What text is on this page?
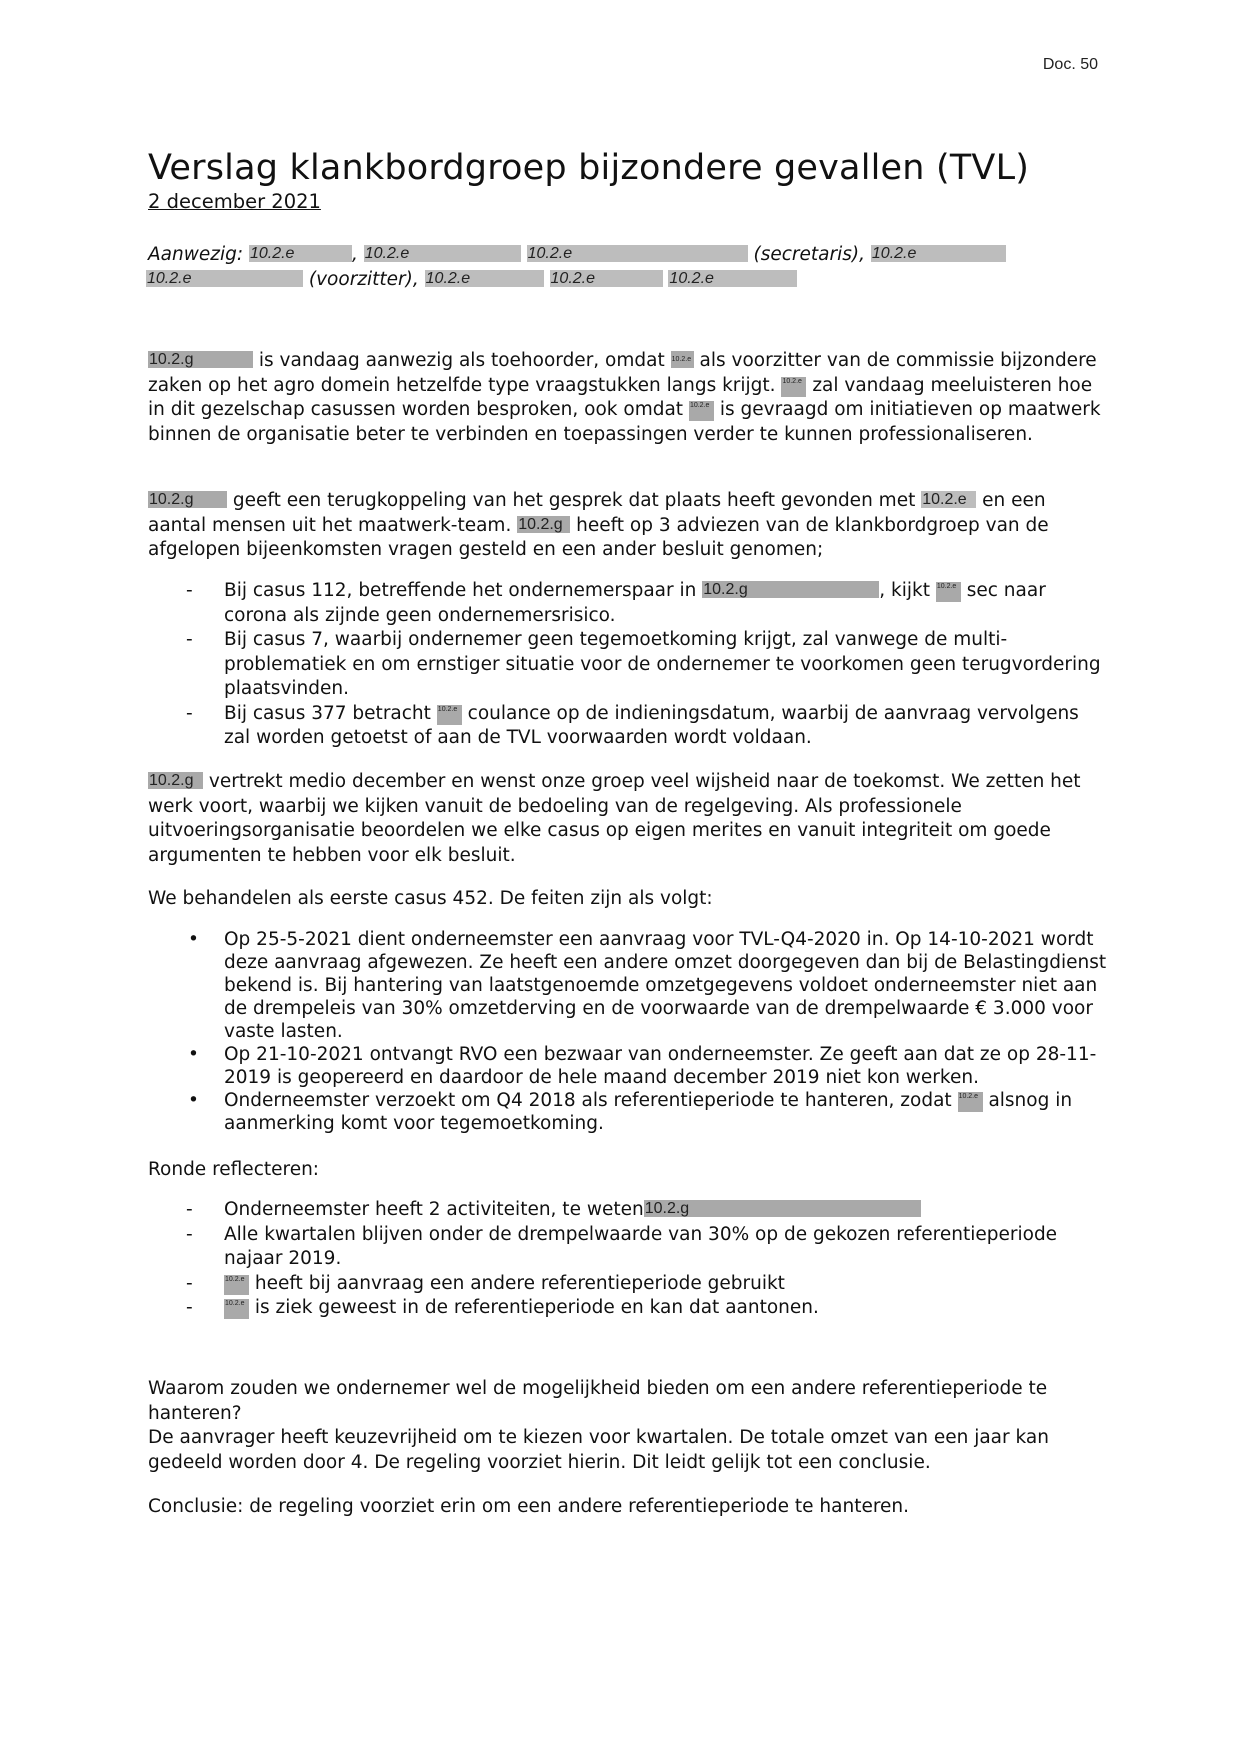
Doc. 50
Verslag klankbordgroep bijzondere gevallen (TVL)
2 december 2021

Aanwezig: 10.2.e	, 10.2.e	10.2.e	(secretaris), 10.2.e

10.2.e	(voorzitter), 10.2.e	10.2.e	10.2.e

10.2.g	is vandaag aanwezig als toehoorder, omdat 10.2.e als voorzitter van de commissie bijzondere zaken op het agro domein hetzelfde type vraagstukken langs krijgt. 10.2.e zal vandaag meeluisteren hoe in dit gezelschap casussen worden besproken, ook omdat 10.2.e is gevraagd om initiatieven op maatwerk binnen de organisatie beter te verbinden en toepassingen verder te kunnen professionaliseren.

10.2.g geeft een terugkoppeling van het gesprek dat plaats heeft gevonden met 10.2.e en een aantal mensen uit het maatwerk-team. 10.2.g heeft op 3 adviezen van de klankbordgroep van de afgelopen bijeenkomsten vragen gesteld en een ander besluit genomen;

- Bij casus 112, betreffende het ondernemerspaar in 10.2.g	, kijkt 10.2.e sec naar corona als zijnde geen ondernemersrisico.
- Bij casus 7, waarbij ondernemer geen tegemoetkoming krijgt, zal vanwege de multi-problematiek en om ernstiger situatie voor de ondernemer te voorkomen geen terugvordering plaatsvinden.
- Bij casus 377 betracht 10.2.e coulance op de indieningsdatum, waarbij de aanvraag vervolgens zal worden getoetst of aan de TVL voorwaarden wordt voldaan.

10.2.g vertrekt medio december en wenst onze groep veel wijsheid naar de toekomst. We zetten het werk voort, waarbij we kijken vanuit de bedoeling van de regelgeving. Als professionele uitvoeringsorganisatie beoordelen we elke casus op eigen merites en vanuit integriteit om goede argumenten te hebben voor elk besluit.

We behandelen als eerste casus 452. De feiten zijn als volgt:
• Op 25-5-2021 dient onderneemster een aanvraag voor TVL-Q4-2020 in. Op 14-10-2021 wordt deze aanvraag afgewezen. Ze heeft een andere omzet doorgegeven dan bij de Belastingdienst bekend is. Bij hantering van laatstgenoemde omzetgegevens voldoet onderneemster niet aan de drempeleis van 30% omzetderving en de voorwaarde van de drempelwaarde € 3.000 voor vaste lasten.
• Op 21-10-2021 ontvangt RVO een bezwaar van onderneemster. Ze geeft aan dat ze op 28-11-2019 is geopereerd en daardoor de hele maand december 2019 niet kon werken.
• Onderneemster verzoekt om Q4 2018 als referentieperiode te hanteren, zodat 10.2.e alsnog in aanmerking komt voor tegemoetkoming.
Ronde reflecteren:
- Onderneemster heeft 2 activiteiten, te weten10.2.g
- Alle kwartalen blijven onder de drempelwaarde van 30% op de gekozen referentieperiode najaar 2019.
- 10.2.e heeft bij aanvraag een andere referentieperiode gebruikt
- 10.2.e is ziek geweest in de referentieperiode en kan dat aantonen.

Waarom zouden we ondernemer wel de mogelijkheid bieden om een andere referentieperiode te hanteren?

De aanvrager heeft keuzevrijheid om te kiezen voor kwartalen. De totale omzet van een jaar kan gedeeld worden door 4. De regeling voorziet hierin. Dit leidt gelijk tot een conclusie.

Conclusie: de regeling voorziet erin om een andere referentieperiode te hanteren.
